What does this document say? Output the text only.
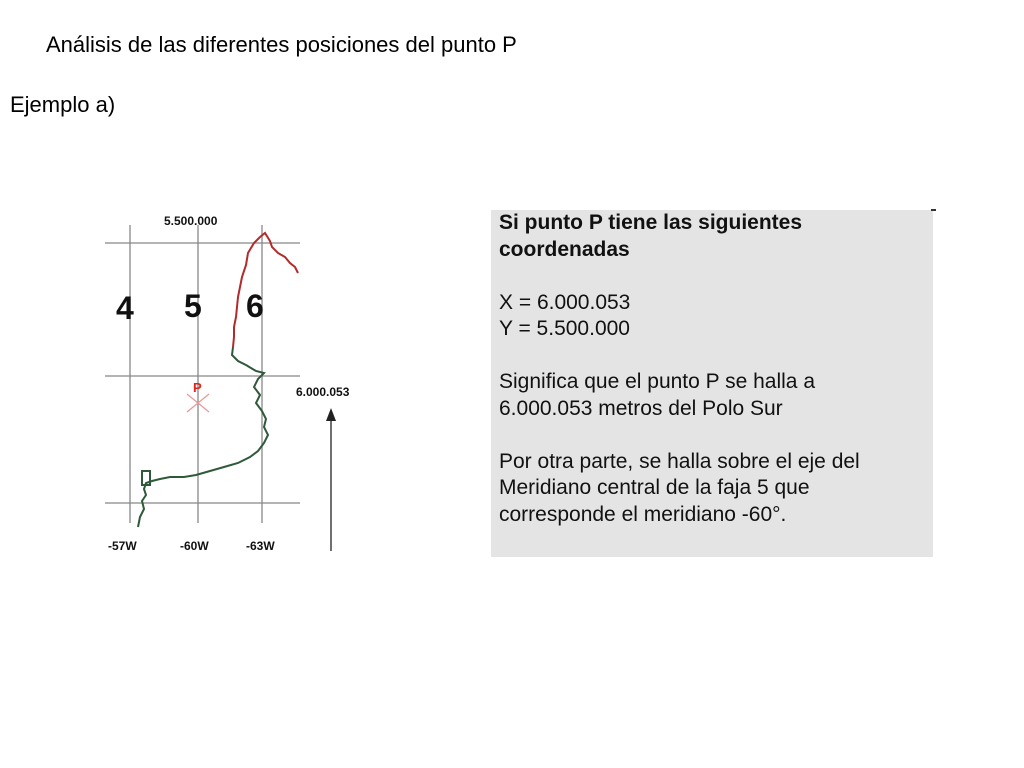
Análisis de las diferentes posiciones del punto P
Ejemplo a)
P
5.500.000
4 5 6
6.000.053
-57W	-60W	-63W

Si punto P tiene las siguientes
coordenadas

X = 6.000.053
Y = 5.500.000

Significa que el punto P se halla a
6.000.053 metros del Polo Sur

Por otra parte, se halla sobre el eje del
Meridiano central de la faja 5 que
corresponde el meridiano -60°.
